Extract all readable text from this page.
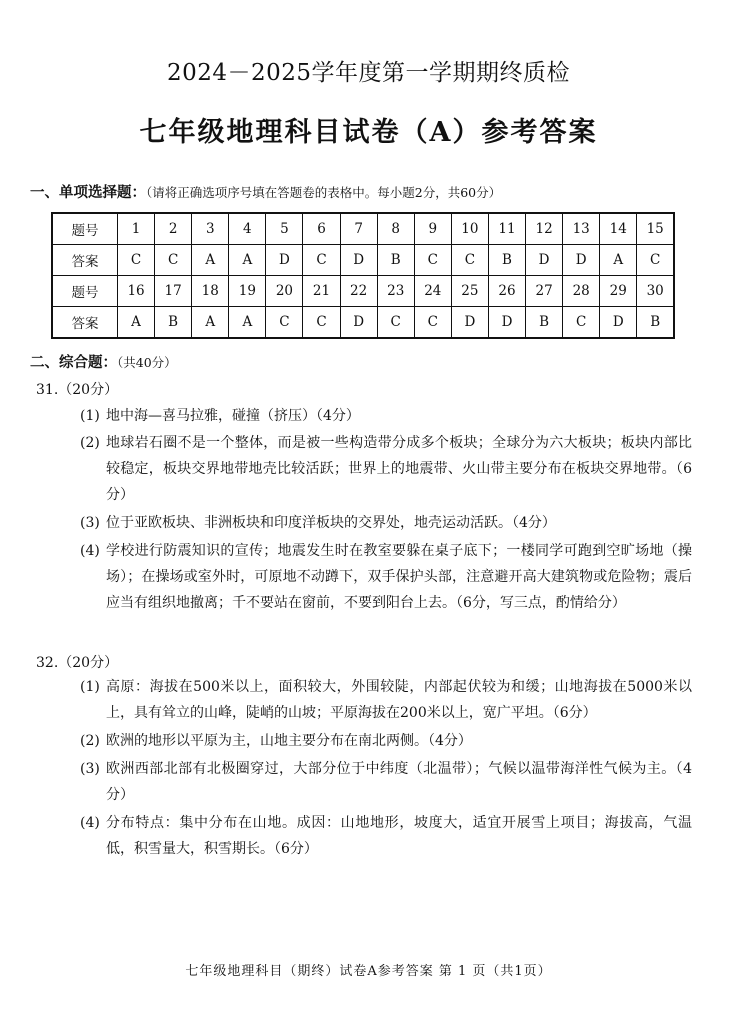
2024－2025学年度第一学期期终质检
七年级地理科目试卷（A）参考答案
一、单项选择题：（请将正确选项序号填在答题卷的表格中。每小题2分，共60分）
题号	1	2	3	4	5	6	7	8	9	10	11	12	13	14	15
答案	C	C	A	A	D	C	D	B	C	C	B	D	D	A	C
题号	16	17	18	19	20	21	22	23	24	25	26	27	28	29	30
答案	A	B	A	A	C	C	D	C	C	D	D	B	C	D	B
二、综合题：（共40分）
31.（20分）
(1) 地中海—喜马拉雅，碰撞（挤压）（4分）
(2) 地球岩石圈不是一个整体，而是被一些构造带分成多个板块；全球分为六大板块；板块内部比较稳定，板块交界地带地壳比较活跃；世界上的地震带、火山带主要分布在板块交界地带。（6分）
(3) 位于亚欧板块、非洲板块和印度洋板块的交界处，地壳运动活跃。（4分）
(4) 学校进行防震知识的宣传；地震发生时在教室要躲在桌子底下；一楼同学可跑到空旷场地（操场）；在操场或室外时，可原地不动蹲下，双手保护头部，注意避开高大建筑物或危险物；震后应当有组织地撤离；千不要站在窗前，不要到阳台上去。（6分，写三点，酌情给分）
32.（20分）
(1) 高原：海拔在500米以上，面积较大，外围较陡，内部起伏较为和缓；山地海拔在5000米以上，具有耸立的山峰，陡峭的山坡；平原海拔在200米以上，宽广平坦。（6分）
(2) 欧洲的地形以平原为主，山地主要分布在南北两侧。（4分）
(3) 欧洲西部北部有北极圈穿过，大部分位于中纬度（北温带）；气候以温带海洋性气候为主。（4分）
(4) 分布特点：集中分布在山地。成因：山地地形，坡度大，适宜开展雪上项目；海拔高，气温低，积雪量大，积雪期长。（6分）
七年级地理科目（期终）试卷A参考答案 第 1 页（共1页）
